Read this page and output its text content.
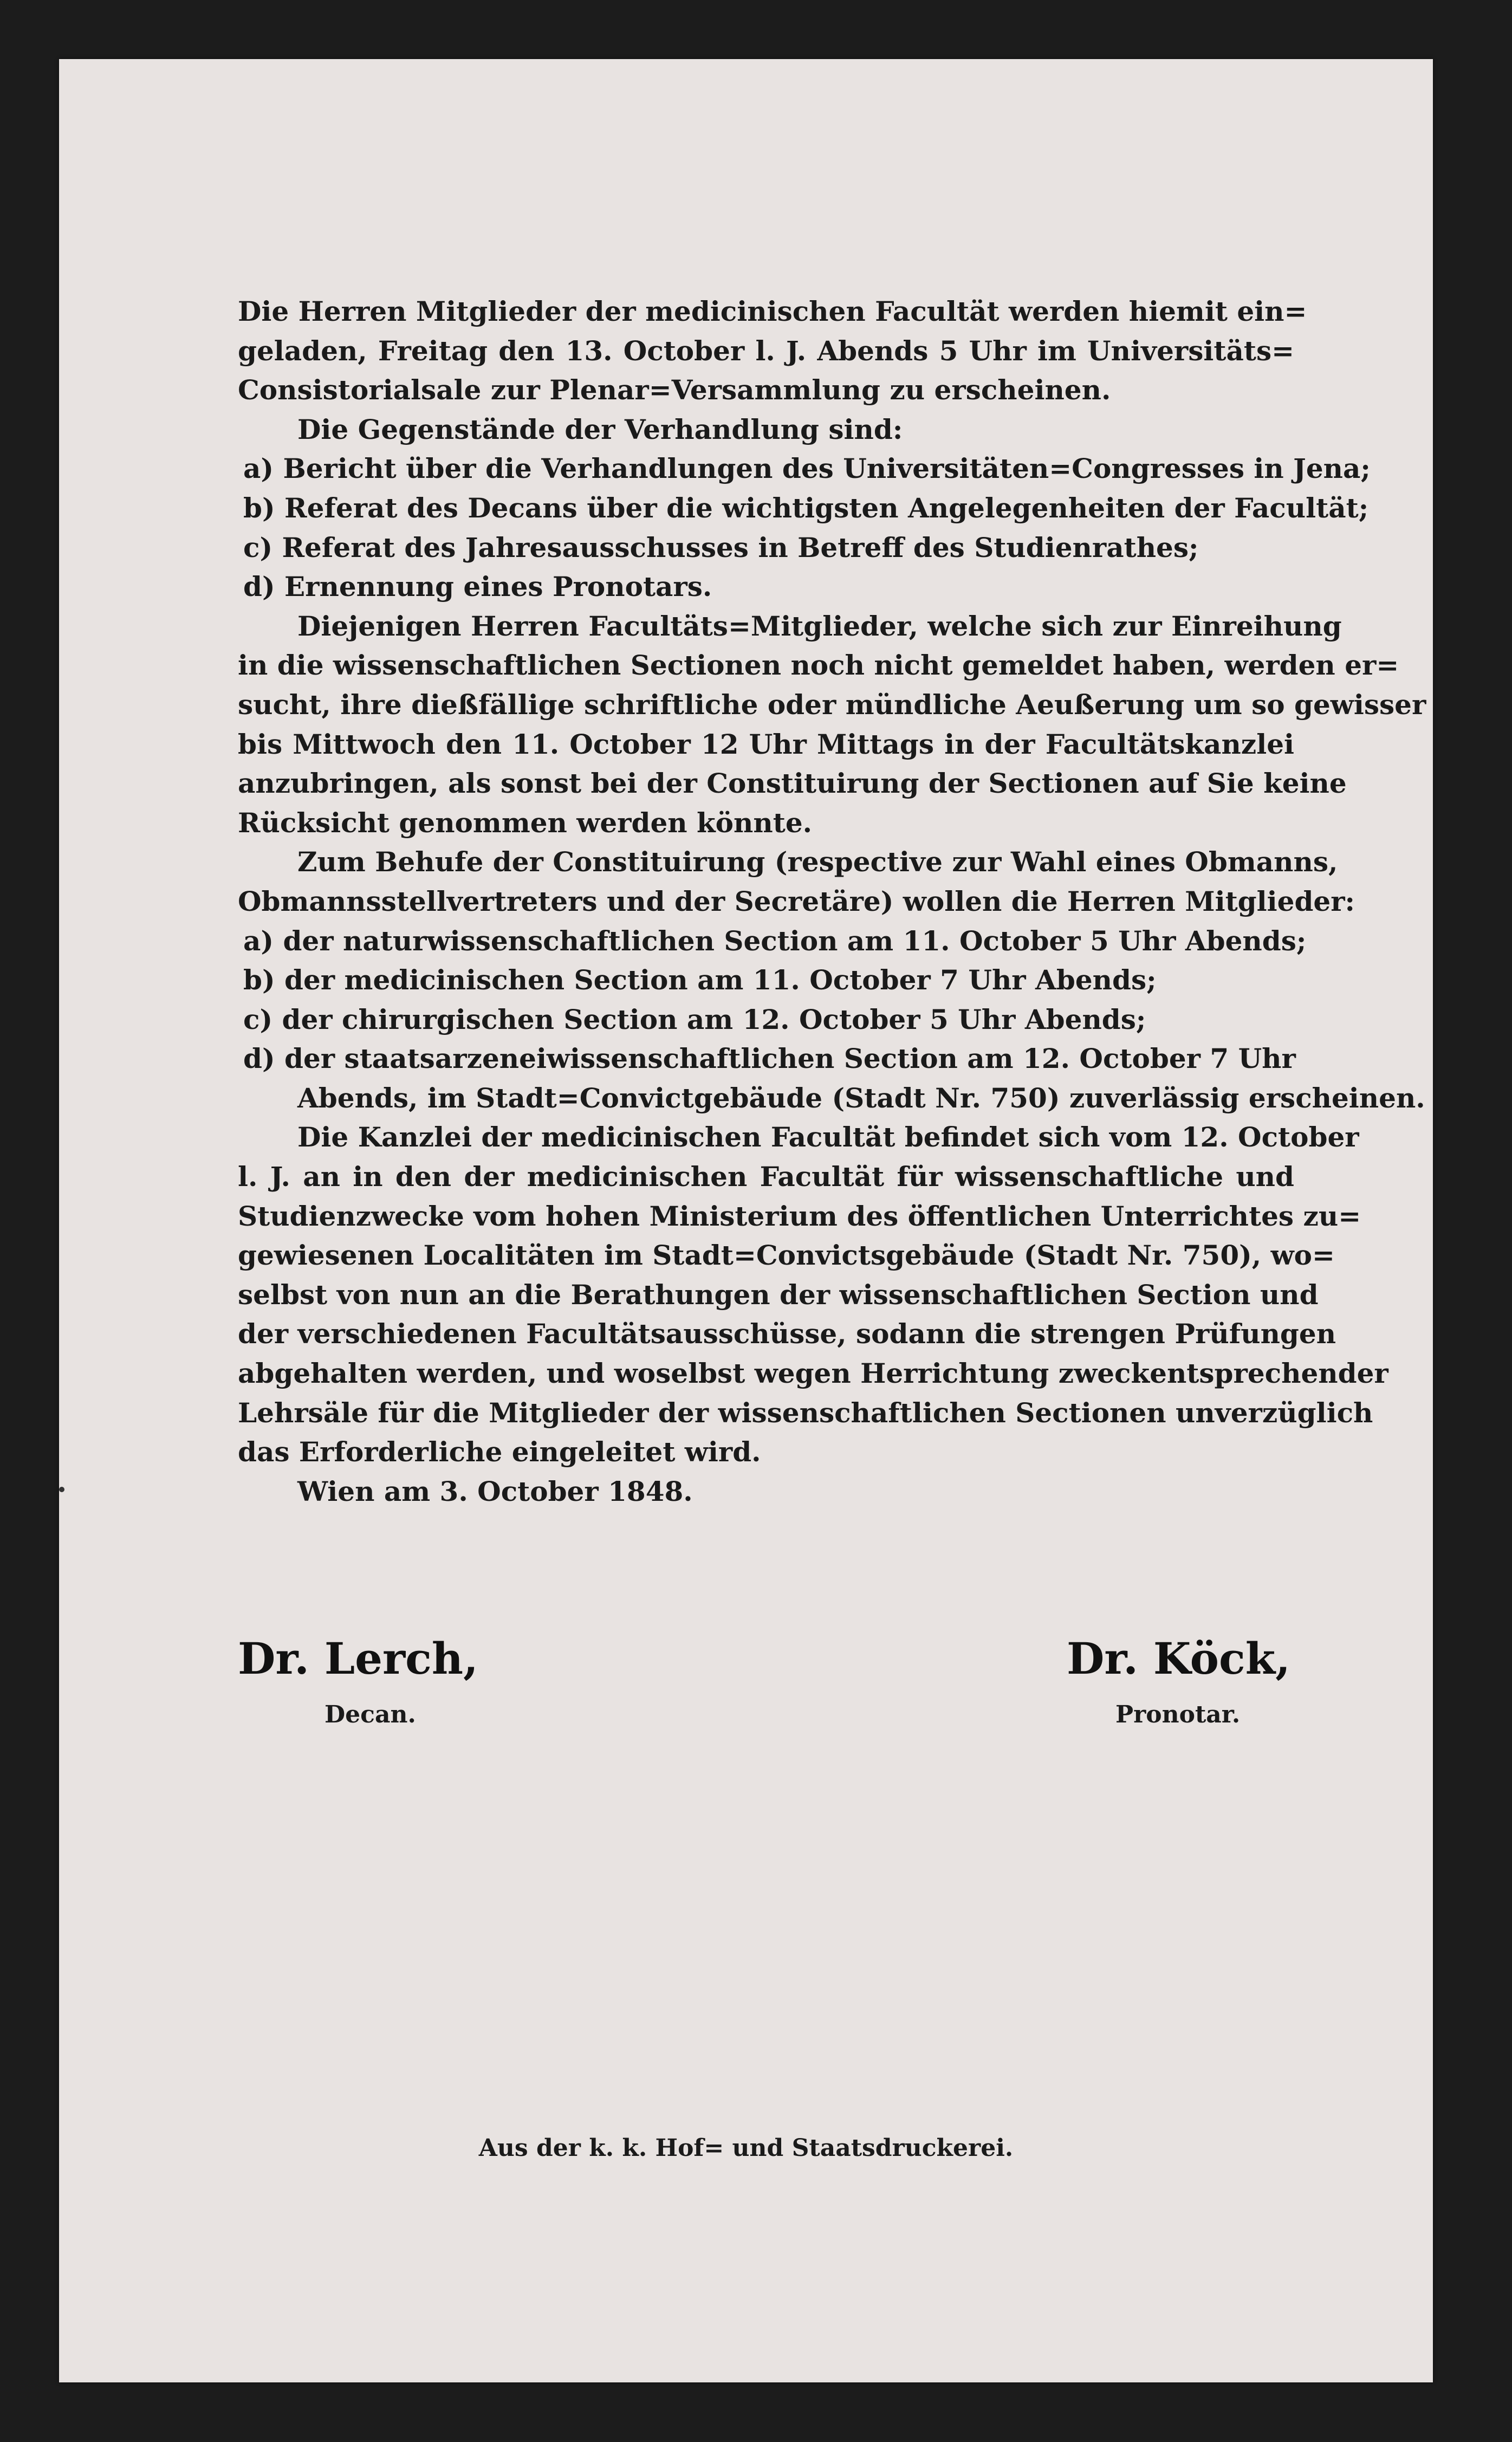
Die Herren Mitglieder der medicinischen Facultät werden hiemit ein=
geladen, Freitag den 13. October l. J. Abends 5 Uhr im Universitäts=
Consistorialsale zur Plenar=Versammlung zu erscheinen.
Die Gegenstände der Verhandlung sind:
a) Bericht über die Verhandlungen des Universitäten=Congresses in Jena;
b) Referat des Decans über die wichtigsten Angelegenheiten der Facultät;
c) Referat des Jahresausschusses in Betreff des Studienrathes;
d) Ernennung eines Pronotars.
Diejenigen Herren Facultäts=Mitglieder, welche sich zur Einreihung
in die wissenschaftlichen Sectionen noch nicht gemeldet haben, werden er=
sucht, ihre dießfällige schriftliche oder mündliche Aeußerung um so gewisser
bis Mittwoch den 11. October 12 Uhr Mittags in der Facultätskanzlei
anzubringen, als sonst bei der Constituirung der Sectionen auf Sie keine
Rücksicht genommen werden könnte.
Zum Behufe der Constituirung (respective zur Wahl eines Obmanns,
Obmannsstellvertreters und der Secretäre) wollen die Herren Mitglieder:
a) der naturwissenschaftlichen Section am 11. October 5 Uhr Abends;
b) der medicinischen Section am 11. October 7 Uhr Abends;
c) der chirurgischen Section am 12. October 5 Uhr Abends;
d) der staatsarzeneiwissenschaftlichen Section am 12. October 7 Uhr
Abends, im Stadt=Convictgebäude (Stadt Nr. 750) zuverlässig erscheinen.
Die Kanzlei der medicinischen Facultät befindet sich vom 12. October
l. J. an in den der medicinischen Facultät für wissenschaftliche und
Studienzwecke vom hohen Ministerium des öffentlichen Unterrichtes zu=
gewiesenen Localitäten im Stadt=Convictsgebäude (Stadt Nr. 750), wo=
selbst von nun an die Berathungen der wissenschaftlichen Section und
der verschiedenen Facultätsausschüsse, sodann die strengen Prüfungen
abgehalten werden, und woselbst wegen Herrichtung zweckentsprechender
Lehrsäle für die Mitglieder der wissenschaftlichen Sectionen unverzüglich
das Erforderliche eingeleitet wird.
Wien am 3. October 1848.
Dr. Lerch,
Decan.
Dr. Köck,
Pronotar.
Aus der k. k. Hof= und Staatsdruckerei.
